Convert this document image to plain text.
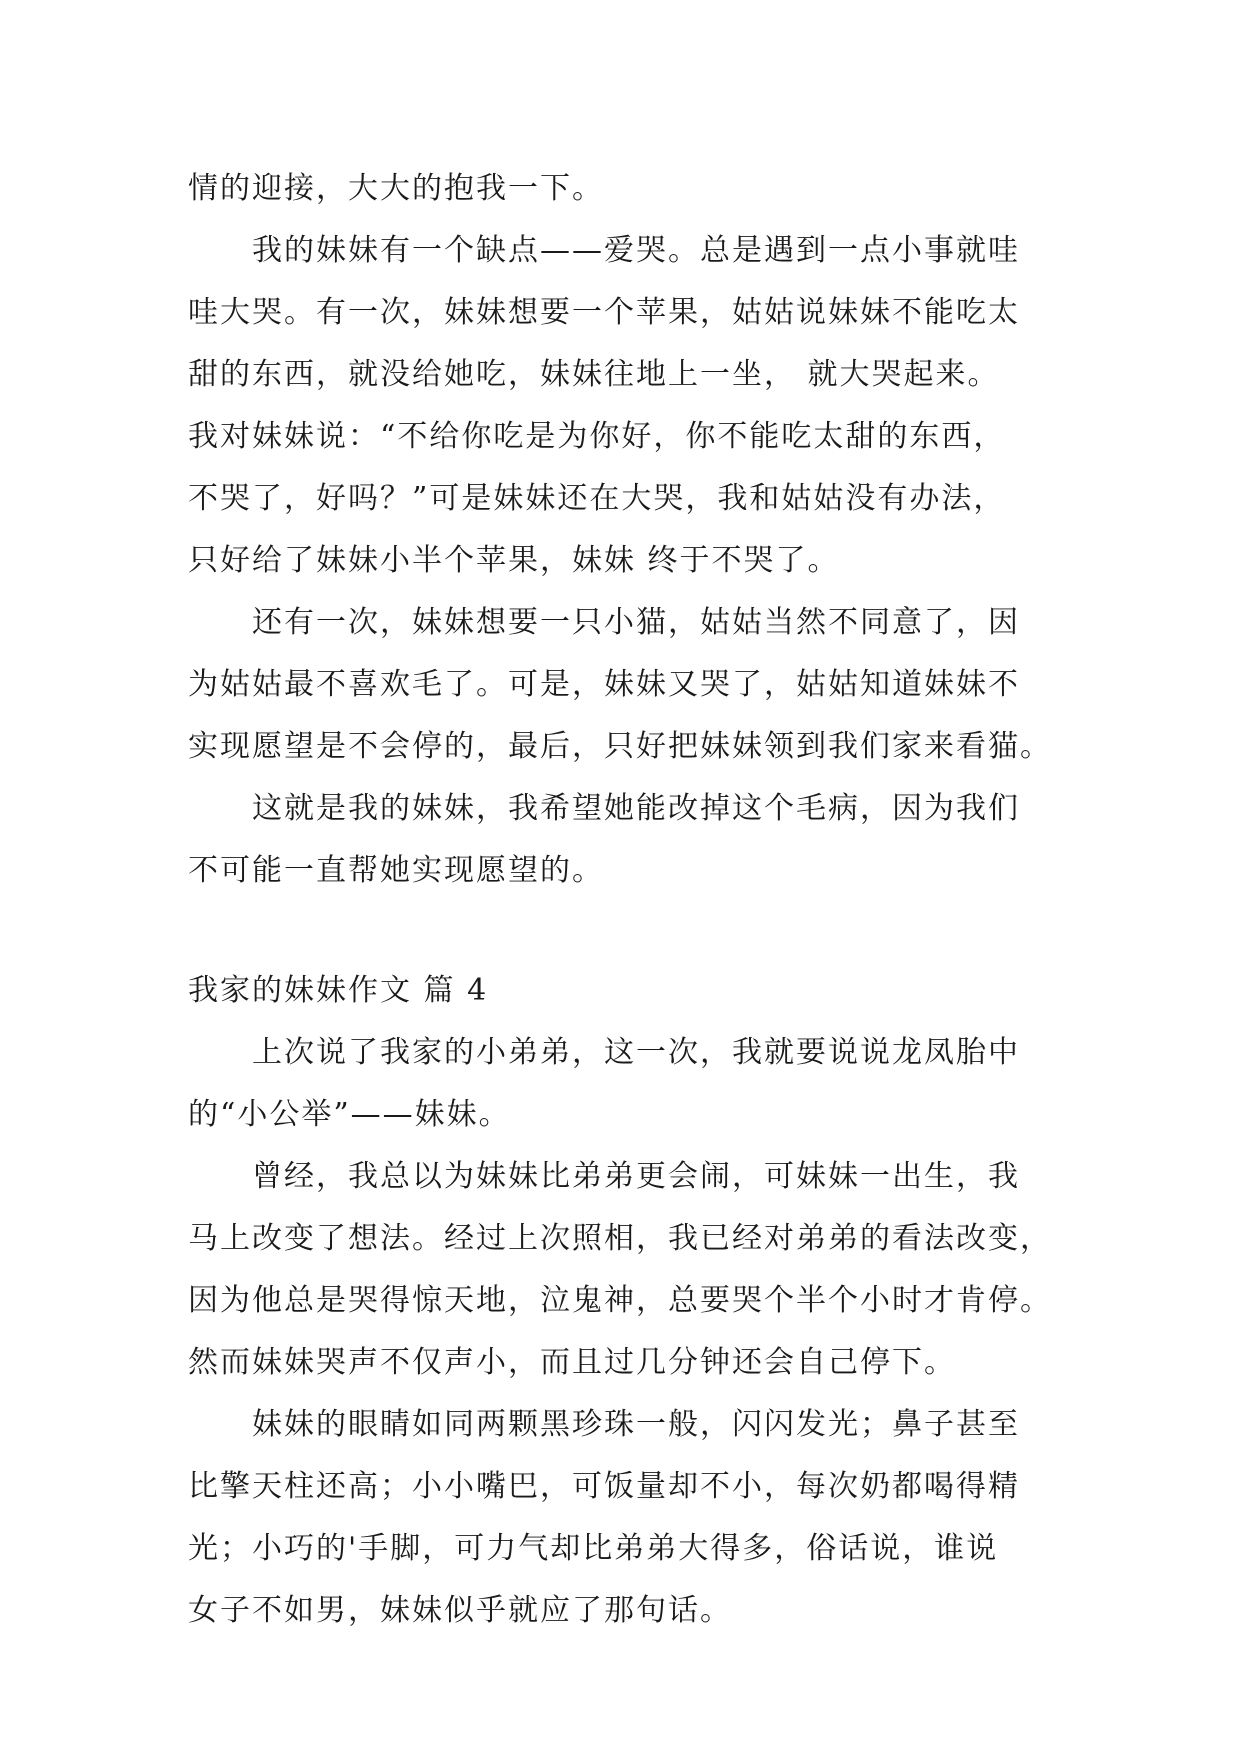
情的迎接，大大的抱我一下。
我的妹妹有一个缺点——爱哭。总是遇到一点小事就哇
哇大哭。有一次，妹妹想要一个苹果，姑姑说妹妹不能吃太
甜的东西，就没给她吃，妹妹往地上一坐， 就大哭起来。
我对妹妹说：“不给你吃是为你好，你不能吃太甜的东西，
不哭了，好吗？”可是妹妹还在大哭，我和姑姑没有办法，
只好给了妹妹小半个苹果，妹妹 终于不哭了。
还有一次，妹妹想要一只小猫，姑姑当然不同意了，因
为姑姑最不喜欢毛了。可是，妹妹又哭了，姑姑知道妹妹不
实现愿望是不会停的，最后，只好把妹妹领到我们家来看猫。
这就是我的妹妹，我希望她能改掉这个毛病，因为我们
不可能一直帮她实现愿望的。
我家的妹妹作文 篇 4
上次说了我家的小弟弟，这一次，我就要说说龙凤胎中
的“小公举”——妹妹。
曾经，我总以为妹妹比弟弟更会闹，可妹妹一出生，我
马上改变了想法。经过上次照相，我已经对弟弟的看法改变，
因为他总是哭得惊天地，泣鬼神，总要哭个半个小时才肯停。
然而妹妹哭声不仅声小，而且过几分钟还会自己停下。
妹妹的眼睛如同两颗黑珍珠一般，闪闪发光；鼻子甚至
比擎天柱还高；小小嘴巴，可饭量却不小，每次奶都喝得精
光；小巧的'手脚，可力气却比弟弟大得多，俗话说，谁说
女子不如男，妹妹似乎就应了那句话。
